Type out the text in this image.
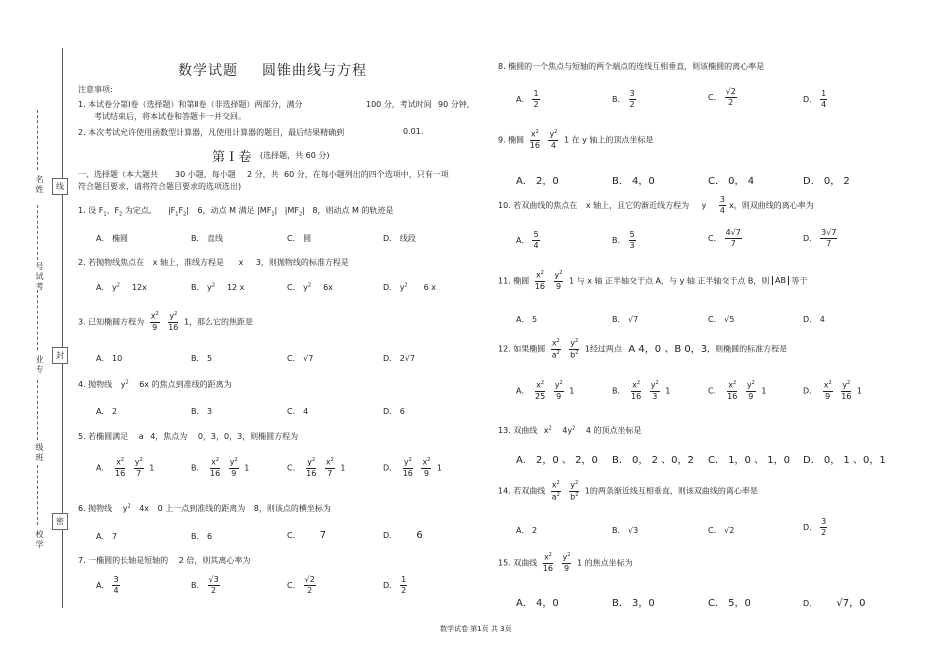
名姓	线
号试考
封
业专
级班
密
校学
数学试题 圆锥曲线与方程
注意事项:
1. 本试卷分第Ⅰ卷（选择题）和第Ⅱ卷（非选择题）两部分，满分	100 分，考试时间 90 分钟,
考试结束后，将本试卷和答题卡一并交回。
2. 本次考试允许使用函数型计算器，凡使用计算器的题目，最后结果精确到	0.01.
第 Ⅰ 卷 (选择题，共 60 分)
一、选择题（本大题共 30 小题，每小题 2 分，共 60 分，在每小题列出的四个选项中，只有一项
符合题目要求，请将符合题目要求的选项选出)
1. 设 $F_1$、$F_2$ 为定点, $|F_1F_2|$ 6，动点 M 满足 $|MF_1|$ $|MF_2|$ 8，则动点 M 的轨迹是
A． 椭圆	B． 直线	C． 圆	D． 线段
2. 若抛物线焦点在 x 轴上，准线方程是 x 3，则抛物线的标准方程是
A． $y^2$ 12x	B． $y^2$ 12 x	C． $y^2$ 6x	D． $y^2$ 6 x
3. 已知椭圆方程为 $\frac{x^2}{9}$
$\frac{y^2}{16} 1$，那么它的焦距是
A． 10	B． 5	C． √7	D． 2√7
4. 抛物线 $y^2$ 6x 的焦点到准线的距离为
A． 2	B． 3	C． 4	D． 6
5. 若椭圆满足 a 4，焦点为 0，3，0，3，则椭圆方程为
A． $\frac{x^2}{16}$
$\frac{y^2}{7} 1$	B． $\frac{x^2}{16}$
$\frac{y^2}{9} 1$	C． $\frac{y^2}{16}$
$\frac{x^2}{7} 1$	D． $\frac{y^2}{16}$
$\frac{x^2}{9} 1$
6. 抛物线 $y^2$ 4x 0 上一点到准线的距离为 8，则该点的横坐标为
A． 7	B． 6	C． 7	D． 6
7. 一椭圆的长轴是短轴的 2 倍，则其离心率为
A． $\frac{3}{4}$	B． $\frac{√3}{2}$	C． $\frac{√2}{2}$	D． $\frac{1}{2}$
8. 椭圆的一个焦点与短轴的两个端点的连线互相垂直，则该椭圆的离心率是
A． $\frac{1}{2}$	B． $\frac{3}{2}$	C． $\frac{√2}{2}$	D． $\frac{1}{4}$
9. 椭圆 $\frac{x^2}{16}$
$\frac{y^2}{4} 1$ 在 y 轴上的顶点坐标是
A． 2，0	B． 4，0	C． 0， 4	D． 0， 2
10. 若双曲线的焦点在 x 轴上，且它的渐近线方程为 y $\frac{3}{4}$ x，则双曲线的离心率为
A． $\frac{5}{4}$	B． $\frac{5}{3}$	C． $\frac{4√7}{7}$	D． $\frac{3√7}{7}$
11. 椭圆 $\frac{x^2}{16}$
$\frac{y^2}{9} 1$ 与 x 轴 正半轴交于点 A，与 y 轴 正半轴交于点 B，则 AB 等于
A． 5	B． √7	C． √5	D． 4
12. 如果椭圆 $\frac{x^2}{a^2}$
$\frac{y^2}{b^2} 1$经过两点 A 4，0 、B 0，3，则椭圆的标准方程是
A． $\frac{x^2}{25}$
$\frac{y^2}{9} 1$	B． $\frac{x^2}{16}$
$\frac{y^2}{3} 1$	C． $\frac{x^2}{16}$
$\frac{y^2}{9} 1$	D． $\frac{x^2}{9}$
$\frac{y^2}{16} 1$
13. 双曲线 $x^2$ $4y^2$ 4 的顶点坐标是
A． 2，0 、 2，0 B． 0， 2 、0，2 C． 1，0 、 1，0 D． 0， 1 、0，1
14. 若双曲线 $\frac{x^2}{a^2}$
$\frac{y^2}{b^2} 1$的两条渐近线互相垂直，则该双曲线的离心率是
A． 2	B． √3	C． √2	D． $\frac{3}{2}$
15. 双曲线 $\frac{x^2}{16}$
$\frac{y^2}{9} 1$ 的焦点坐标为
A． 4，0	B． 3，0	C． 5，0	D． √7，0
数学试卷 第1页 共 3页
